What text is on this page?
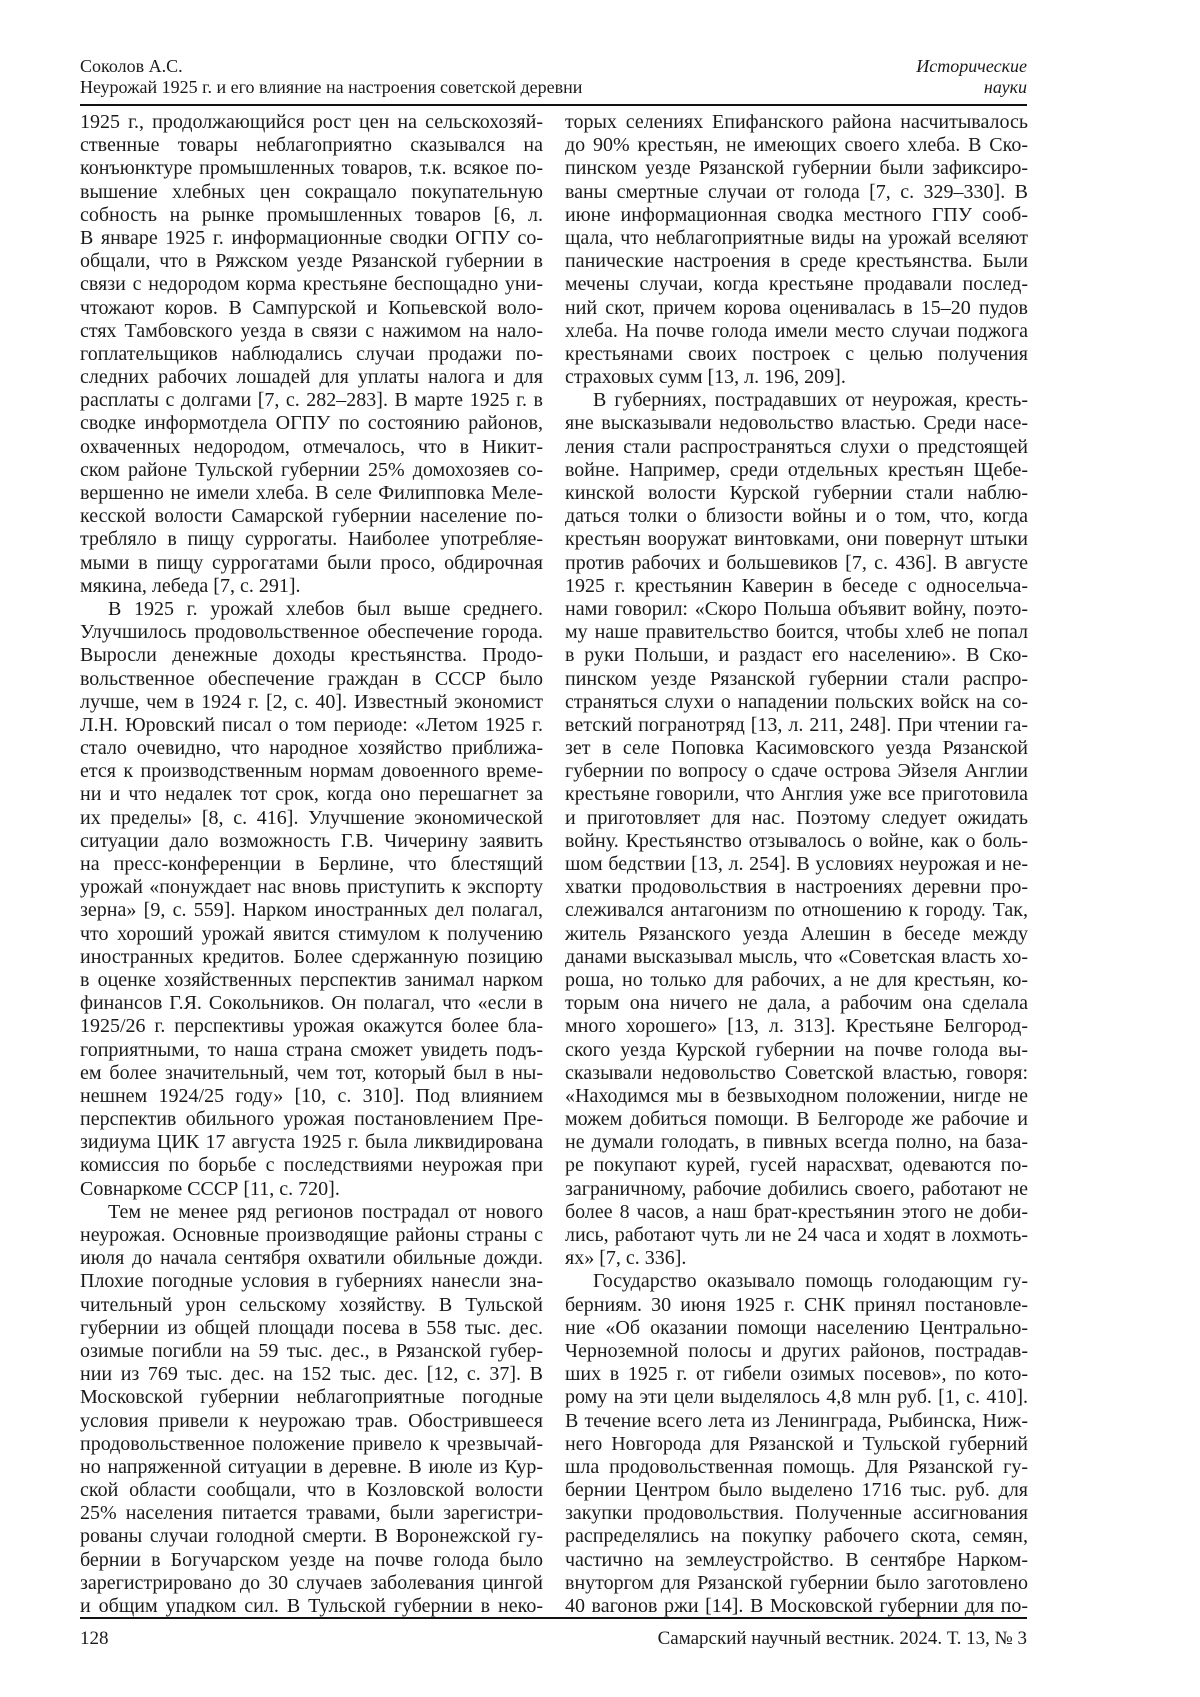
Соколов А.С.
Неурожай 1925 г. и его влияние на настроения советской деревни
Исторические
науки
1925 г., продолжающийся рост цен на сельскохозяй-
ственные товары неблагоприятно сказывался на
конъюнктуре промышленных товаров, т.к. всякое по-
вышение хлебных цен сокращало покупательную
собность на рынке промышленных товаров [6, л.
В январе 1925 г. информационные сводки ОГПУ со-
общали, что в Ряжском уезде Рязанской губернии в
связи с недородом корма крестьяне беспощадно уни-
чтожают коров. В Сампурской и Копьевской воло-
стях Тамбовского уезда в связи с нажимом на нало-
гоплательщиков наблюдались случаи продажи по-
следних рабочих лошадей для уплаты налога и для
расплаты с долгами [7, с. 282–283]. В марте 1925 г. в
сводке информотдела ОГПУ по состоянию районов,
охваченных недородом, отмечалось, что в Никит-
ском районе Тульской губернии 25% домохозяев со-
вершенно не имели хлеба. В селе Филипповка Меле-
кесской волости Самарской губернии население по-
требляло в пищу суррогаты. Наиболее употребляе-
мыми в пищу суррогатами были просо, обдирочная
мякина, лебеда [7, с. 291].
В 1925 г. урожай хлебов был выше среднего.
Улучшилось продовольственное обеспечение города.
Выросли денежные доходы крестьянства. Продо-
вольственное обеспечение граждан в СССР было
лучше, чем в 1924 г. [2, с. 40]. Известный экономист
Л.Н. Юровский писал о том периоде: «Летом 1925 г.
стало очевидно, что народное хозяйство приближа-
ется к производственным нормам довоенного време-
ни и что недалек тот срок, когда оно перешагнет за
их пределы» [8, с. 416]. Улучшение экономической
ситуации дало возможность Г.В. Чичерину заявить
на пресс-конференции в Берлине, что блестящий
урожай «понуждает нас вновь приступить к экспорту
зерна» [9, с. 559]. Нарком иностранных дел полагал,
что хороший урожай явится стимулом к получению
иностранных кредитов. Более сдержанную позицию
в оценке хозяйственных перспектив занимал нарком
финансов Г.Я. Сокольников. Он полагал, что «если в
1925/26 г. перспективы урожая окажутся более бла-
гоприятными, то наша страна сможет увидеть подъ-
ем более значительный, чем тот, который был в ны-
нешнем 1924/25 году» [10, с. 310]. Под влиянием
перспектив обильного урожая постановлением Пре-
зидиума ЦИК 17 августа 1925 г. была ликвидирована
комиссия по борьбе с последствиями неурожая при
Совнаркоме СССР [11, с. 720].
Тем не менее ряд регионов пострадал от нового
неурожая. Основные производящие районы страны с
июля до начала сентября охватили обильные дожди.
Плохие погодные условия в губерниях нанесли зна-
чительный урон сельскому хозяйству. В Тульской
губернии из общей площади посева в 558 тыс. дес.
озимые погибли на 59 тыс. дес., в Рязанской губер-
нии из 769 тыс. дес. на 152 тыс. дес. [12, с. 37]. В
Московской губернии неблагоприятные погодные
условия привели к неурожаю трав. Обострившееся
продовольственное положение привело к чрезвычай-
но напряженной ситуации в деревне. В июле из Кур-
ской области сообщали, что в Козловской волости
25% населения питается травами, были зарегистри-
рованы случаи голодной смерти. В Воронежской гу-
бернии в Богучарском уезде на почве голода было
зарегистрировано до 30 случаев заболевания цингой
и общим упадком сил. В Тульской губернии в неко-
торых селениях Епифанского района насчитывалось
до 90% крестьян, не имеющих своего хлеба. В Ско-
пинском уезде Рязанской губернии были зафиксиро-
ваны смертные случаи от голода [7, с. 329–330]. В
июне информационная сводка местного ГПУ сооб-
щала, что неблагоприятные виды на урожай вселяют
панические настроения в среде крестьянства. Были
мечены случаи, когда крестьяне продавали послед-
ний скот, причем корова оценивалась в 15–20 пудов
хлеба. На почве голода имели место случаи поджога
крестьянами своих построек с целью получения
страховых сумм [13, л. 196, 209].
В губерниях, пострадавших от неурожая, кресть-
яне высказывали недовольство властью. Среди насе-
ления стали распространяться слухи о предстоящей
войне. Например, среди отдельных крестьян Щебе-
кинской волости Курской губернии стали наблю-
даться толки о близости войны и о том, что, когда
крестьян вооружат винтовками, они повернут штыки
против рабочих и большевиков [7, с. 436]. В августе
1925 г. крестьянин Каверин в беседе с односельча-
нами говорил: «Скоро Польша объявит войну, поэто-
му наше правительство боится, чтобы хлеб не попал
в руки Польши, и раздаст его населению». В Ско-
пинском уезде Рязанской губернии стали распро-
страняться слухи о нападении польских войск на со-
ветский погранотряд [13, л. 211, 248]. При чтении га-
зет в селе Поповка Касимовского уезда Рязанской
губернии по вопросу о сдаче острова Эйзеля Англии
крестьяне говорили, что Англия уже все приготовила
и приготовляет для нас. Поэтому следует ожидать
войну. Крестьянство отзывалось о войне, как о боль-
шом бедствии [13, л. 254]. В условиях неурожая и не-
хватки продовольствия в настроениях деревни про-
слеживался антагонизм по отношению к городу. Так,
житель Рязанского уезда Алешин в беседе между
данами высказывал мысль, что «Советская власть хо-
роша, но только для рабочих, а не для крестьян, ко-
торым она ничего не дала, а рабочим она сделала
много хорошего» [13, л. 313]. Крестьяне Белгород-
ского уезда Курской губернии на почве голода вы-
сказывали недовольство Советской властью, говоря:
«Находимся мы в безвыходном положении, нигде не
можем добиться помощи. В Белгороде же рабочие и
не думали голодать, в пивных всегда полно, на база-
ре покупают курей, гусей нарасхват, одеваются по-
заграничному, рабочие добились своего, работают не
более 8 часов, а наш брат-крестьянин этого не доби-
лись, работают чуть ли не 24 часа и ходят в лохмоть-
ях» [7, с. 336].
Государство оказывало помощь голодающим гу-
берниям. 30 июня 1925 г. СНК принял постановле-
ние «Об оказании помощи населению Центрально-
Черноземной полосы и других районов, пострадав-
ших в 1925 г. от гибели озимых посевов», по кото-
рому на эти цели выделялось 4,8 млн руб. [1, с. 410].
В течение всего лета из Ленинграда, Рыбинска, Ниж-
него Новгорода для Рязанской и Тульской губерний
шла продовольственная помощь. Для Рязанской гу-
бернии Центром было выделено 1716 тыс. руб. для
закупки продовольствия. Полученные ассигнования
распределялись на покупку рабочего скота, семян,
частично на землеустройство. В сентябре Нарком-
внуторгом для Рязанской губернии было заготовлено
40 вагонов ржи [14]. В Московской губернии для по-
128	Самарский научный вестник. 2024. Т. 13, № 3
